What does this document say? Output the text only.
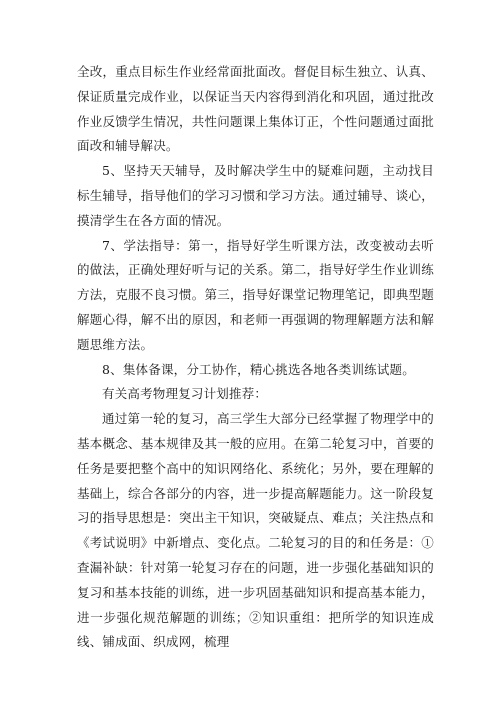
全改，重点目标生作业经常面批面改。督促目标生独立、认真、保证质量完成作业，以保证当天内容得到消化和巩固，通过批改作业反馈学生情况，共性问题课上集体订正，个性问题通过面批面改和辅导解决。

5、坚持天天辅导，及时解决学生中的疑难问题，主动找目标生辅导，指导他们的学习习惯和学习方法。通过辅导、谈心，摸清学生在各方面的情况。

7、学法指导：第一，指导好学生听课方法，改变被动去听的做法，正确处理好听与记的关系。第二，指导好学生作业训练方法，克服不良习惯。第三，指导好课堂记物理笔记，即典型题解题心得，解不出的原因，和老师一再强调的物理解题方法和解题思维方法。

8、集体备课，分工协作，精心挑选各地各类训练试题。

有关高考物理复习计划推荐：

通过第一轮的复习，高三学生大部分已经掌握了物理学中的基本概念、基本规律及其一般的应用。在第二轮复习中，首要的任务是要把整个高中的知识网络化、系统化；另外，要在理解的基础上，综合各部分的内容，进一步提高解题能力。这一阶段复习的指导思想是：突出主干知识，突破疑点、难点；关注热点和《考试说明》中新增点、变化点。二轮复习的目的和任务是：①查漏补缺：针对第一轮复习存在的问题，进一步强化基础知识的复习和基本技能的训练，进一步巩固基础知识和提高基本能力，进一步强化规范解题的训练；②知识重组：把所学的知识连成线、铺成面、织成网，梳理
